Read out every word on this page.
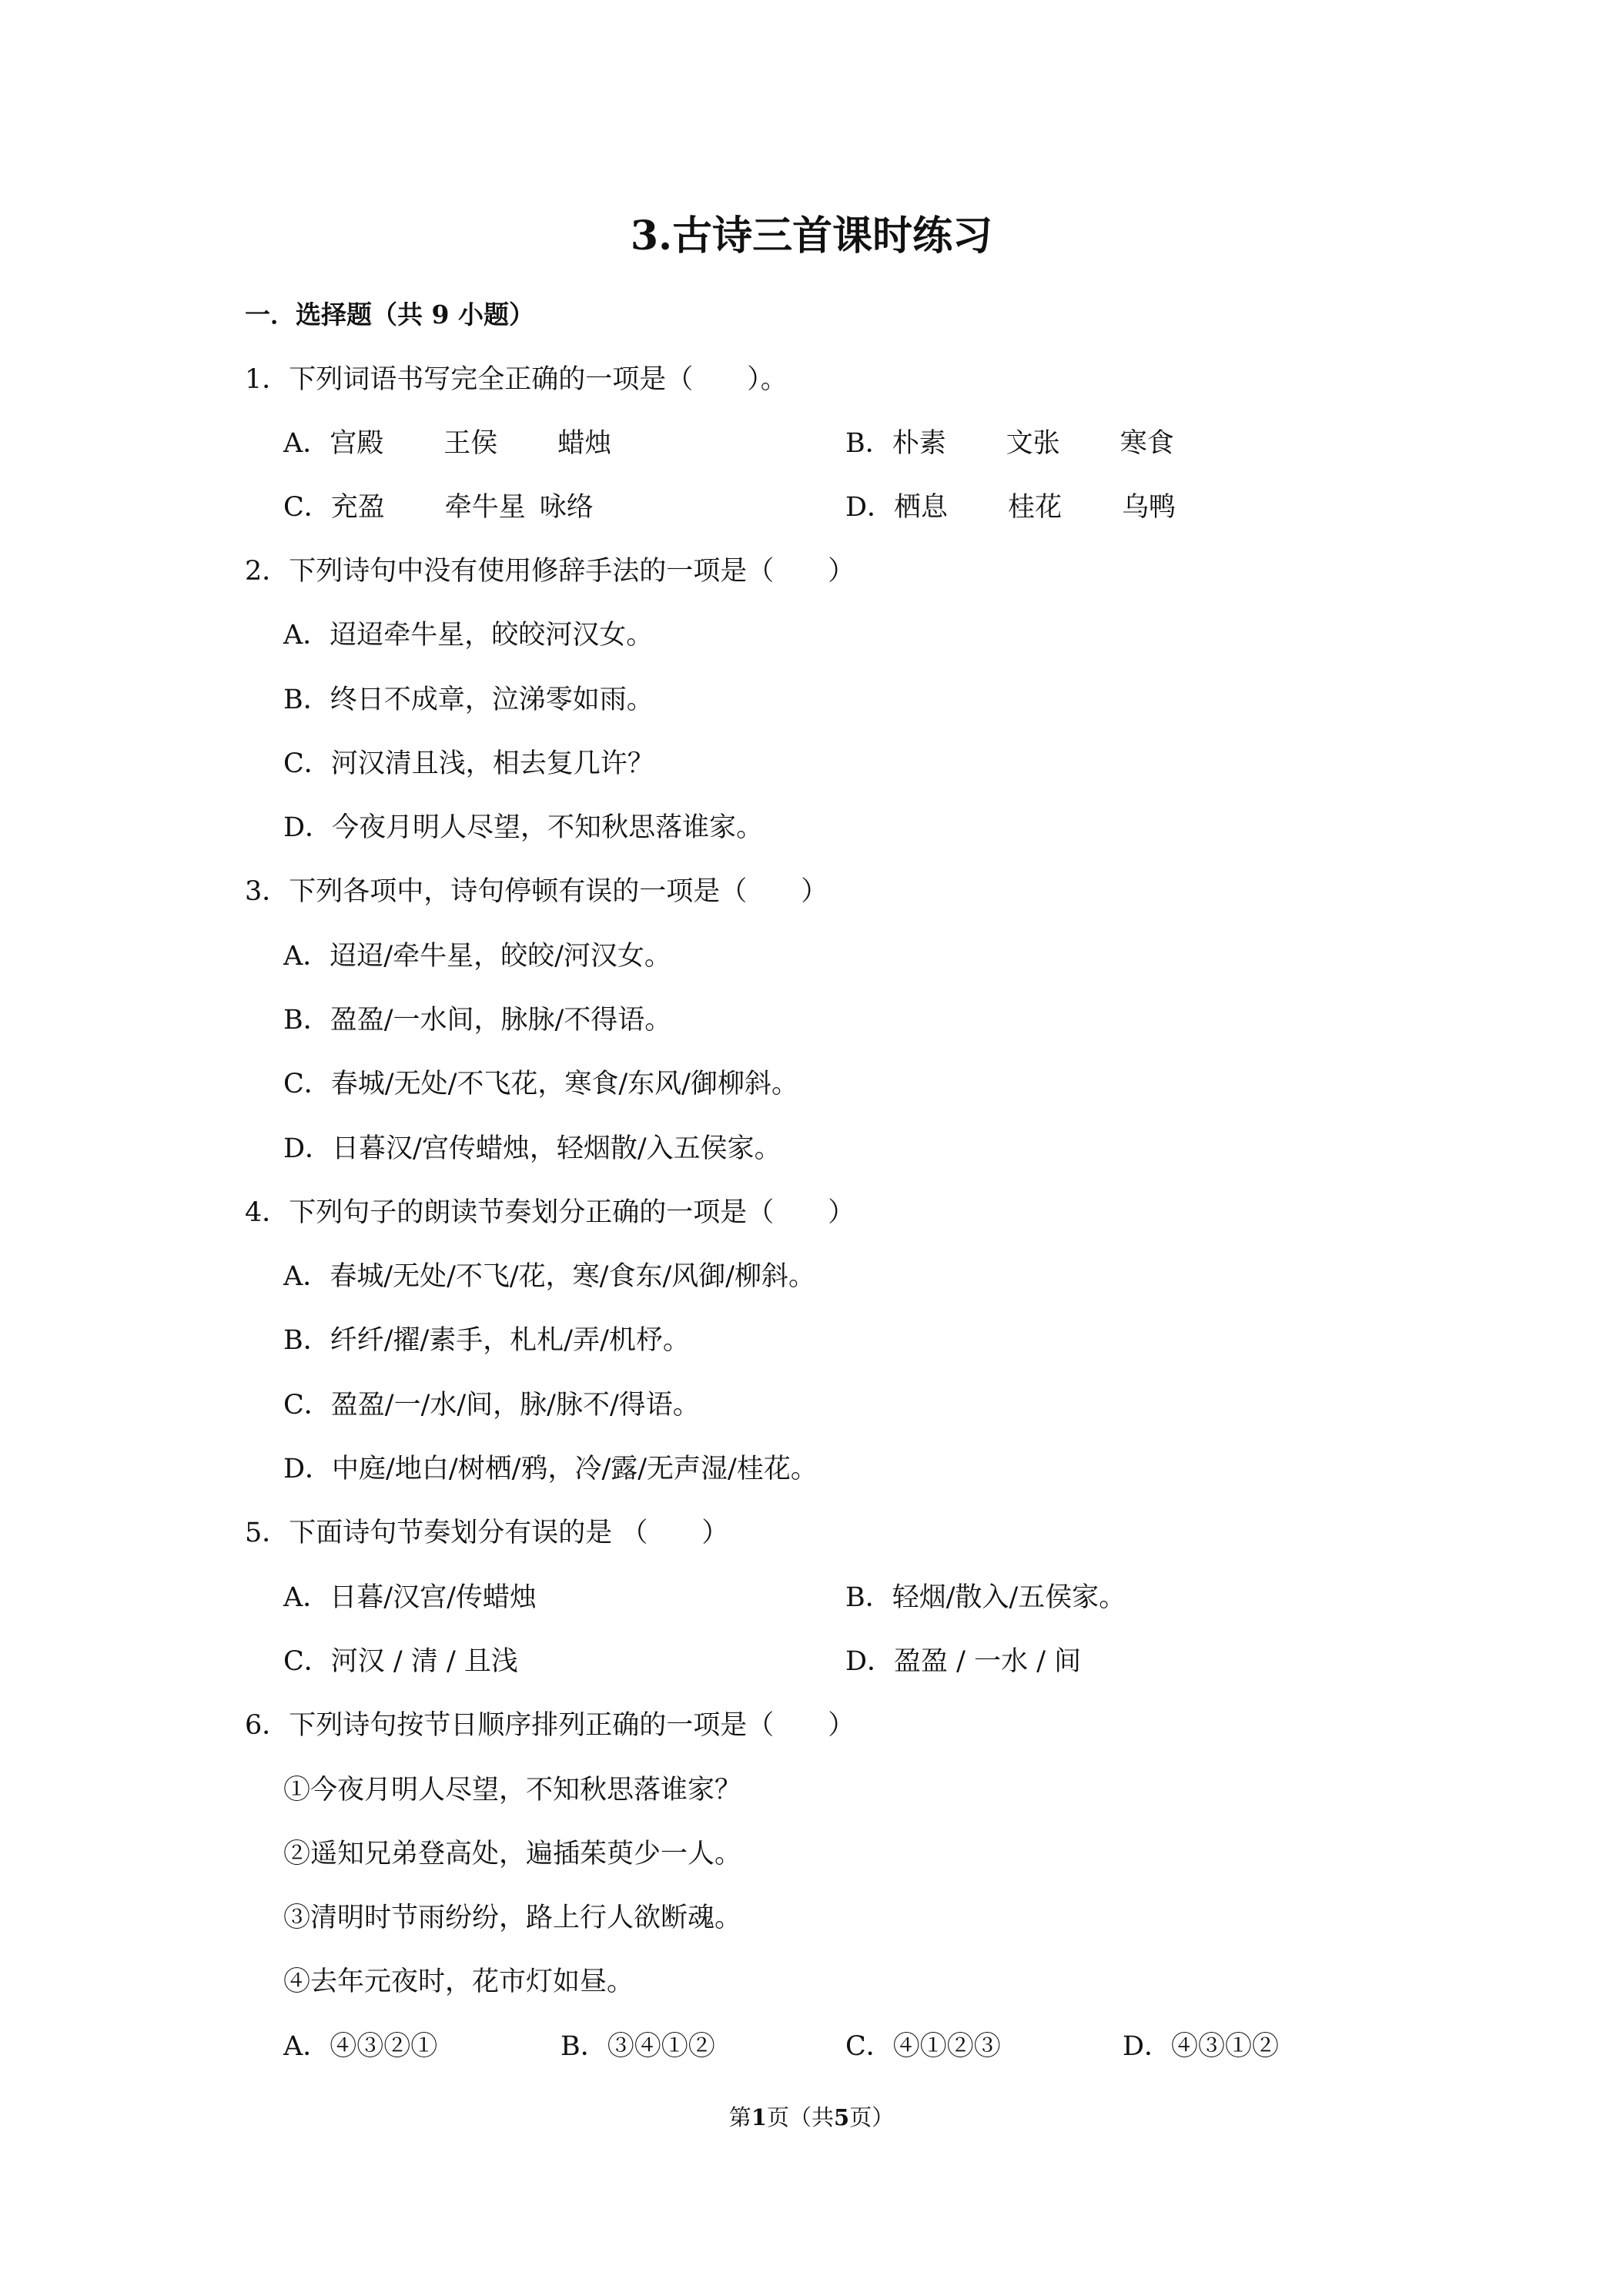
3.古诗三首课时练习
一．选择题（共 9 小题）
1．下列词语书写完全正确的一项是（　　）。
A．宫殿 王侯 蜡烛	B．朴素 文张 寒食
C．充盈 牵牛星 咏络	D．栖息 桂花 乌鸭
2．下列诗句中没有使用修辞手法的一项是（　　）
A．迢迢牵牛星，皎皎河汉女。
B．终日不成章，泣涕零如雨。
C．河汉清且浅，相去复几许？
D．今夜月明人尽望，不知秋思落谁家。
3．下列各项中，诗句停顿有误的一项是（　　）
A．迢迢/牵牛星，皎皎/河汉女。
B．盈盈/一水间，脉脉/不得语。
C．春城/无处/不飞花，寒食/东风/御柳斜。
D．日暮汉/宫传蜡烛，轻烟散/入五侯家。
4．下列句子的朗读节奏划分正确的一项是（　　）
A．春城/无处/不飞/花，寒/食东/风御/柳斜。
B．纤纤/擢/素手，札札/弄/机杼。
C．盈盈/一/水/间，脉/脉不/得语。
D．中庭/地白/树栖/鸦，冷/露/无声湿/桂花。
5．下面诗句节奏划分有误的是 （　　）
A．日暮/汉宫/传蜡烛	B．轻烟/散入/五侯家。
C．河汉 / 清 / 且浅	D．盈盈 / 一水 / 间
6．下列诗句按节日顺序排列正确的一项是（　　）
①今夜月明人尽望，不知秋思落谁家？
②遥知兄弟登高处，遍插茱萸少一人。
③清明时节雨纷纷，路上行人欲断魂。
④去年元夜时，花市灯如昼。
A．④③②①	B．③④①②	C．④①②③	D．④③①②
第1页（共5页）
